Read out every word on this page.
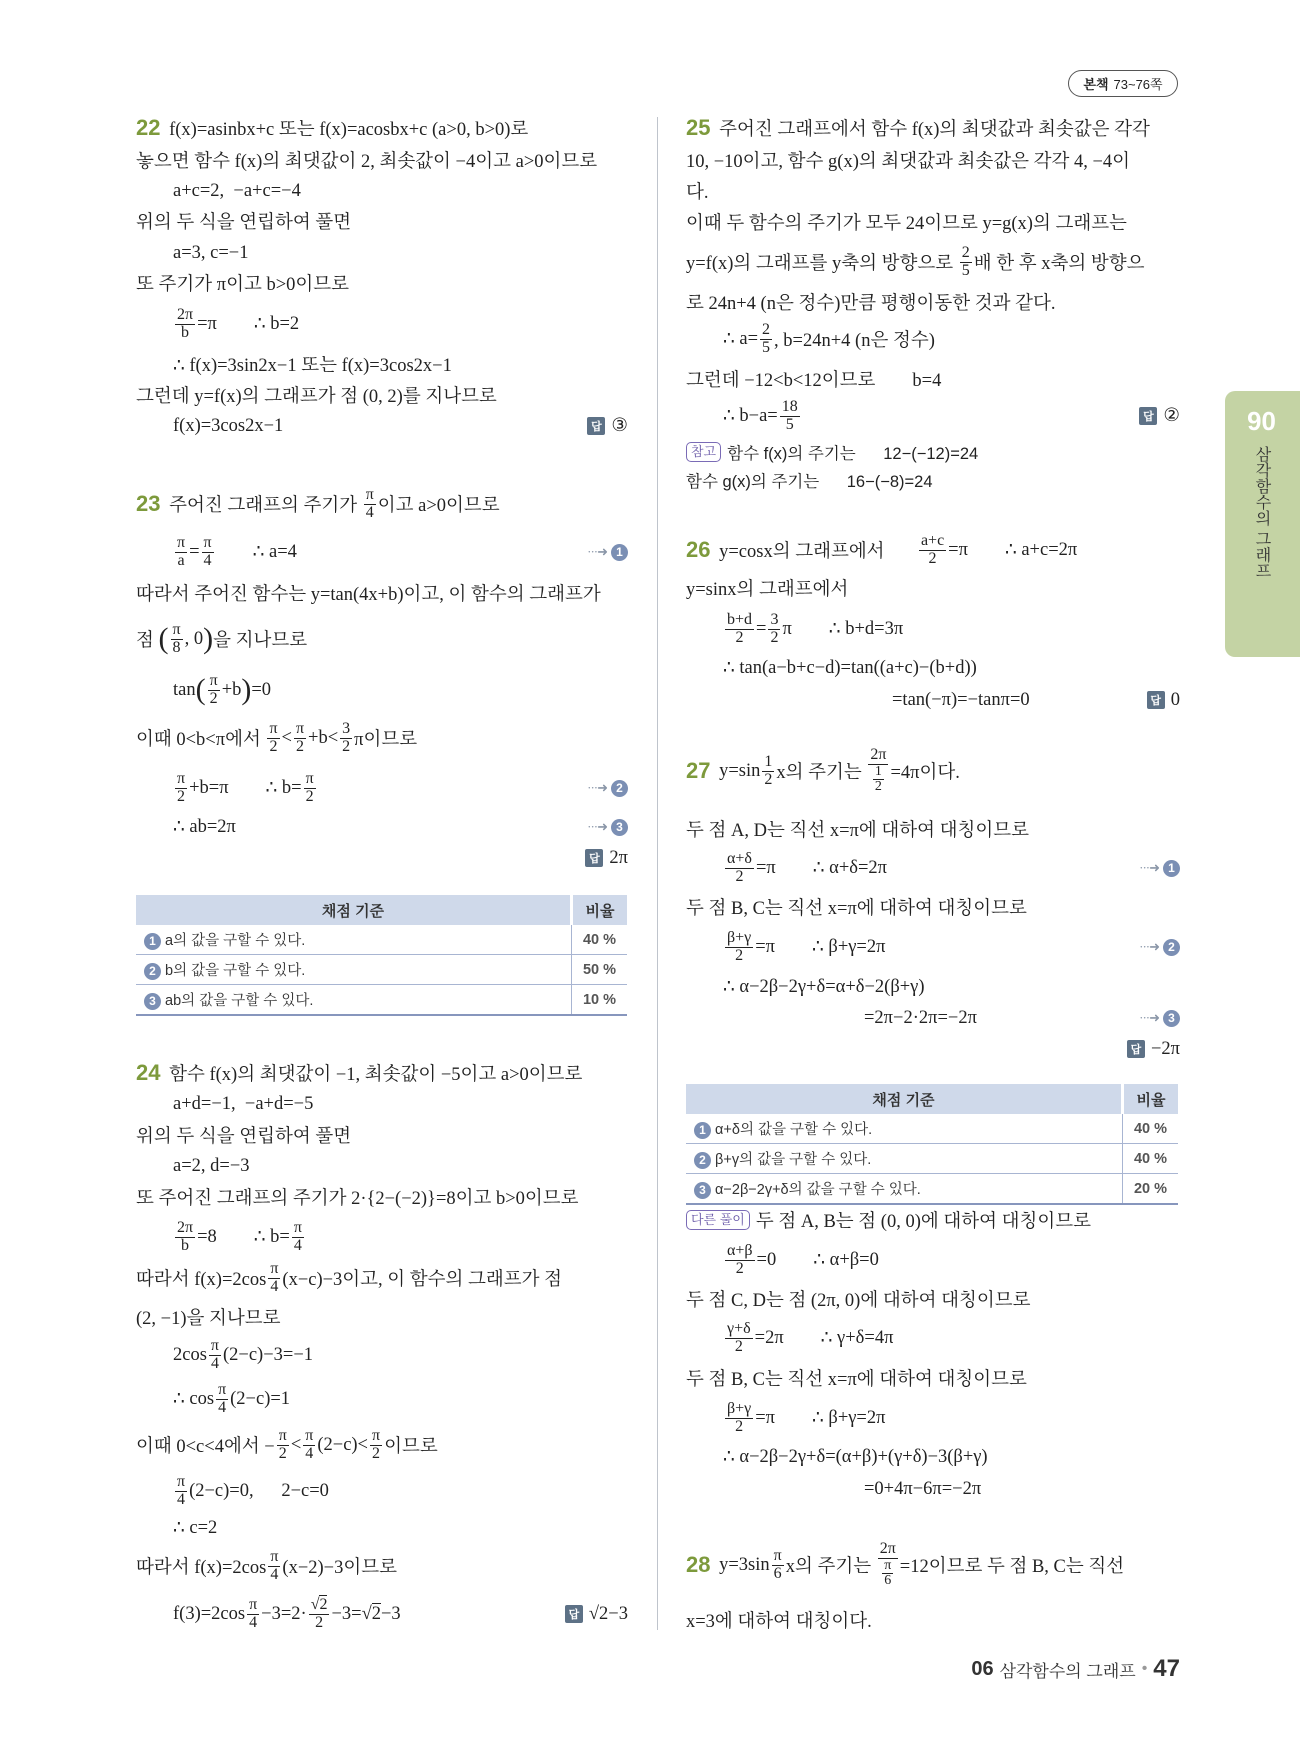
본책 73~76쪽
06
삼각함수의 그래프
22 f(x)=asinbx+c 또는 f(x)=acosbx+c (a>0, b>0)로
놓으면 함수 f(x)의 최댓값이 2, 최솟값이 −4이고 a>0이므로
a+c=2,  −a+c=−4
위의 두 식을 연립하여 풀면
a=3, c=−1
또 주기가 π이고 b>0이므로
$\frac{2\pi}{b} =\pi$        ∴ b=2
∴ f(x)=3sin2x−1 또는 f(x)=3cos2x−1
그런데 y=f(x)의 그래프가 점 (0, 2)를 지나므로
f(x)=3cos2x−1	답 ③
23 주어진 그래프의 주기가 $\frac{\pi}{4}$ 이고 a>0이므로
$\frac{\pi}{a} = \frac{\pi}{4}$ ∴ a=4	···➜ 1
따라서 주어진 함수는 y=tan(4x+b)이고, 이 함수의 그래프가
점 ( $\frac{\pi}{8}$ , 0 ) 을 지나므로
tan ( $\frac{\pi}{2} +b$ ) =0
이때 0<b<π에서 $\frac{\pi}{2} < \frac{\pi}{2} +b< \frac{3}{2}$ π이므로
$\frac{\pi}{2} +b=\pi$        ∴ $b= \frac{\pi}{2}$	···➜ 2
∴ ab=2π	···➜ 3
답 2π
24 함수 f(x)의 최댓값이 −1, 최솟값이 −5이고 a>0이므로
a+d=−1,  −a+d=−5
위의 두 식을 연립하여 풀면
a=2, d=−3
또 주어진 그래프의 주기가 2·{2−(−2)}=8이고 b>0이므로
$\frac{2\pi}{b} =8$        ∴ $b= \frac{\pi}{4}$
따라서 $f(x)=2\cos \frac{\pi}{4} (x-c)-3$이고, 이 함수의 그래프가 점
(2, −1)을 지나므로
$2\cos \frac{\pi}{4} (2-c)-3=-1$
∴ $\cos \frac{\pi}{4} (2-c)=1$
이때 0<c<4에서 − $\frac{\pi}{2} < \frac{\pi}{4} (2-c)< \frac{\pi}{2}$ 이므로
$\frac{\pi}{4} (2-c)=0$,      2−c=0
∴ c=2
따라서 $f(x)=2\cos \frac{\pi}{4} (x-2)-3$이므로
$f(3)=2\cos \frac{\pi}{4} -3=2\cdot$ √ $\frac{2}{2} -3=$ √ 2 −3	답 √2−3
25 주어진 그래프에서 함수 f(x)의 최댓값과 최솟값은 각각
10, −10이고, 함수 g(x)의 최댓값과 최솟값은 각각 4, −4이
다.
이때 두 함수의 주기가 모두 24이므로 y=g(x)의 그래프는
y=f(x)의 그래프를 y축의 방향으로 $\frac{2}{5}$ 배 한 후 x축의 방향으
로 24n+4 (n은 정수)만큼 평행이동한 것과 같다.
∴ $a= \frac{2}{5}$ , b=24n+4 (n은 정수)
그런데 −12<b<12이므로        b=4
∴ $b-a= \frac{18}{5}$	답 ②
참고 함수 f(x)의 주기는      12−(−12)=24
함수 g(x)의 주기는      16−(−8)=24
26 y=cosx의 그래프에서 $\frac{a+c}{2} =\pi$        ∴ a+c=2π
y=sinx의 그래프에서
$\frac{b+d}{2} = \frac{3}{2}$ π        ∴ b+d=3π
∴ tan(a−b+c−d)=tan((a+c)−(b+d))
=tan(−π)=−tanπ=0	답 0
27 $y=\sin \frac{1}{2}$ x의 주기는 $\frac{2\pi}{\frac{1}{2}} =4\pi$이다.
두 점 A, D는 직선 x=π에 대하여 대칭이므로
$\frac{\alpha+\delta}{2} =\pi$        ∴ α+δ=2π	···➜ 1
두 점 B, C는 직선 x=π에 대하여 대칭이므로
$\frac{\beta+\gamma}{2} =\pi$        ∴ β+γ=2π	···➜ 2
∴ α−2β−2γ+δ=α+δ−2(β+γ)
=2π−2·2π=−2π	···➜ 3
답 −2π
다른 풀이 두 점 A, B는 점 (0, 0)에 대하여 대칭이므로
$\frac{\alpha+\beta}{2} =0$        ∴ α+β=0
두 점 C, D는 점 (2π, 0)에 대하여 대칭이므로
$\frac{\gamma+\delta}{2} =2\pi$        ∴ γ+δ=4π
두 점 B, C는 직선 x=π에 대하여 대칭이므로
$\frac{\beta+\gamma}{2} =\pi$        ∴ β+γ=2π
∴ α−2β−2γ+δ=(α+β)+(γ+δ)−3(β+γ)
=0+4π−6π=−2π
28 $y=3\sin \frac{\pi}{6}$ x의 주기는 $\frac{2\pi}{\frac{\pi}{6}} =12$이므로 두 점 B, C는 직선
x=3에 대하여 대칭이다.
채점 기준	비율
1 a의 값을 구할 수 있다.	40 %
2 b의 값을 구할 수 있다.	50 %
3 ab의 값을 구할 수 있다.	10 %
채점 기준	비율
1 α+δ의 값을 구할 수 있다.	40 %
2 β+γ의 값을 구할 수 있다.	40 %
3 α−2β−2γ+δ의 값을 구할 수 있다.	20 %
06 삼각함수의 그래프 • 47
